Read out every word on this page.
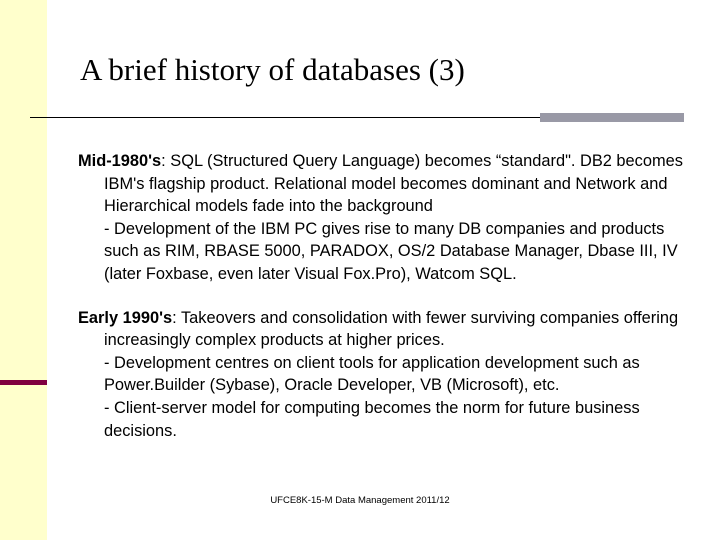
A brief history of databases (3)

Mid-1980's: SQL (Structured Query Language) becomes “standard". DB2 becomes IBM's flagship product. Relational model becomes dominant and Network and Hierarchical models fade into the background
- Development of the IBM PC gives rise to many DB companies and products such as RIM, RBASE 5000, PARADOX, OS/2 Database Manager, Dbase III, IV (later Foxbase, even later Visual Fox.Pro), Watcom SQL.

Early 1990's: Takeovers and consolidation with fewer surviving companies offering increasingly complex products at higher prices.
- Development centres on client tools for application development such as Power.Builder (Sybase), Oracle Developer, VB (Microsoft), etc.
- Client-server model for computing becomes the norm for future business decisions.

UFCE8K-15-M Data Management 2011/12
